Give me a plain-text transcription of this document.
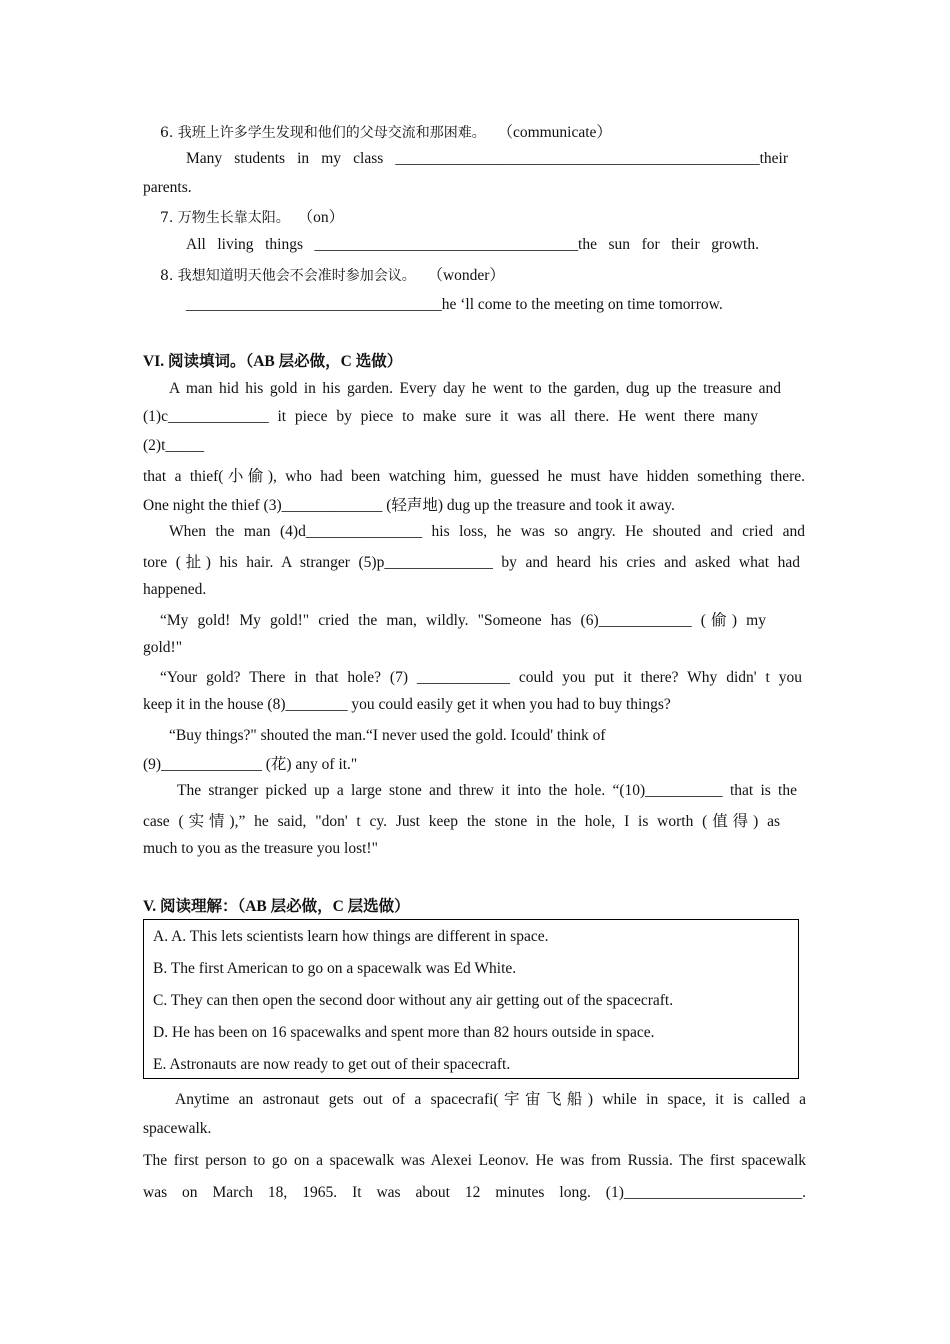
6. 我班上许多学生发现和他们的父母交流和那困难。 （communicate）
Many students in my class _______________________________________________their
parents.
7. 万物生长靠太阳。 （on）
All living things __________________________________the sun for their growth.
8. 我想知道明天他会不会准时参加会议。 （wonder）
_________________________________he ‘ll come to the meeting on time tomorrow.
VI. 阅读填词。（AB 层必做，C 选做）
A man hid his gold in his garden. Every day he went to the garden, dug up the treasure and
(1)c_____________ it piece by piece to make sure it was all there. He went there many
(2)t_____
that a thief(小偷), who had been watching him, guessed he must have hidden something there.
One night the thief (3)_____________ (轻声地) dug up the treasure and took it away.
When the man (4)d_______________ his loss, he was so angry. He shouted and cried and
tore (扯) his hair. A stranger (5)p______________ by and heard his cries and asked what had
happened.
“My gold! My gold!" cried the man, wildly. "Someone has (6)____________ (偷) my
gold!"
“Your gold? There in that hole? (7) ____________ could you put it there? Why didn' t you
keep it in the house (8)________ you could easily get it when you had to buy things?
“Buy things?" shouted the man.“I never used the gold. Icould' think of
(9)_____________ (花) any of it."
The stranger picked up a large stone and threw it into the hole. “(10)__________ that is the
case (实情),” he said, "don' t cy. Just keep the stone in the hole, I is worth (值得) as
much to you as the treasure you lost!"
V. 阅读理解：（AB 层必做，C 层选做）
A. A. This lets scientists learn how things are different in space.
B. The first American to go on a spacewalk was Ed White.
C. They can then open the second door without any air getting out of the spacecraft.
D. He has been on 16 spacewalks and spent more than 82 hours outside in space.
E. Astronauts are now ready to get out of their spacecraft.
Anytime an astronaut gets out of a spacecrafi(宇宙飞船) while in space, it is called a
spacewalk.
The first person to go on a spacewalk was Alexei Leonov. He was from Russia. The first spacewalk
was on March 18, 1965. It was about 12 minutes long. (1)_______________________.
